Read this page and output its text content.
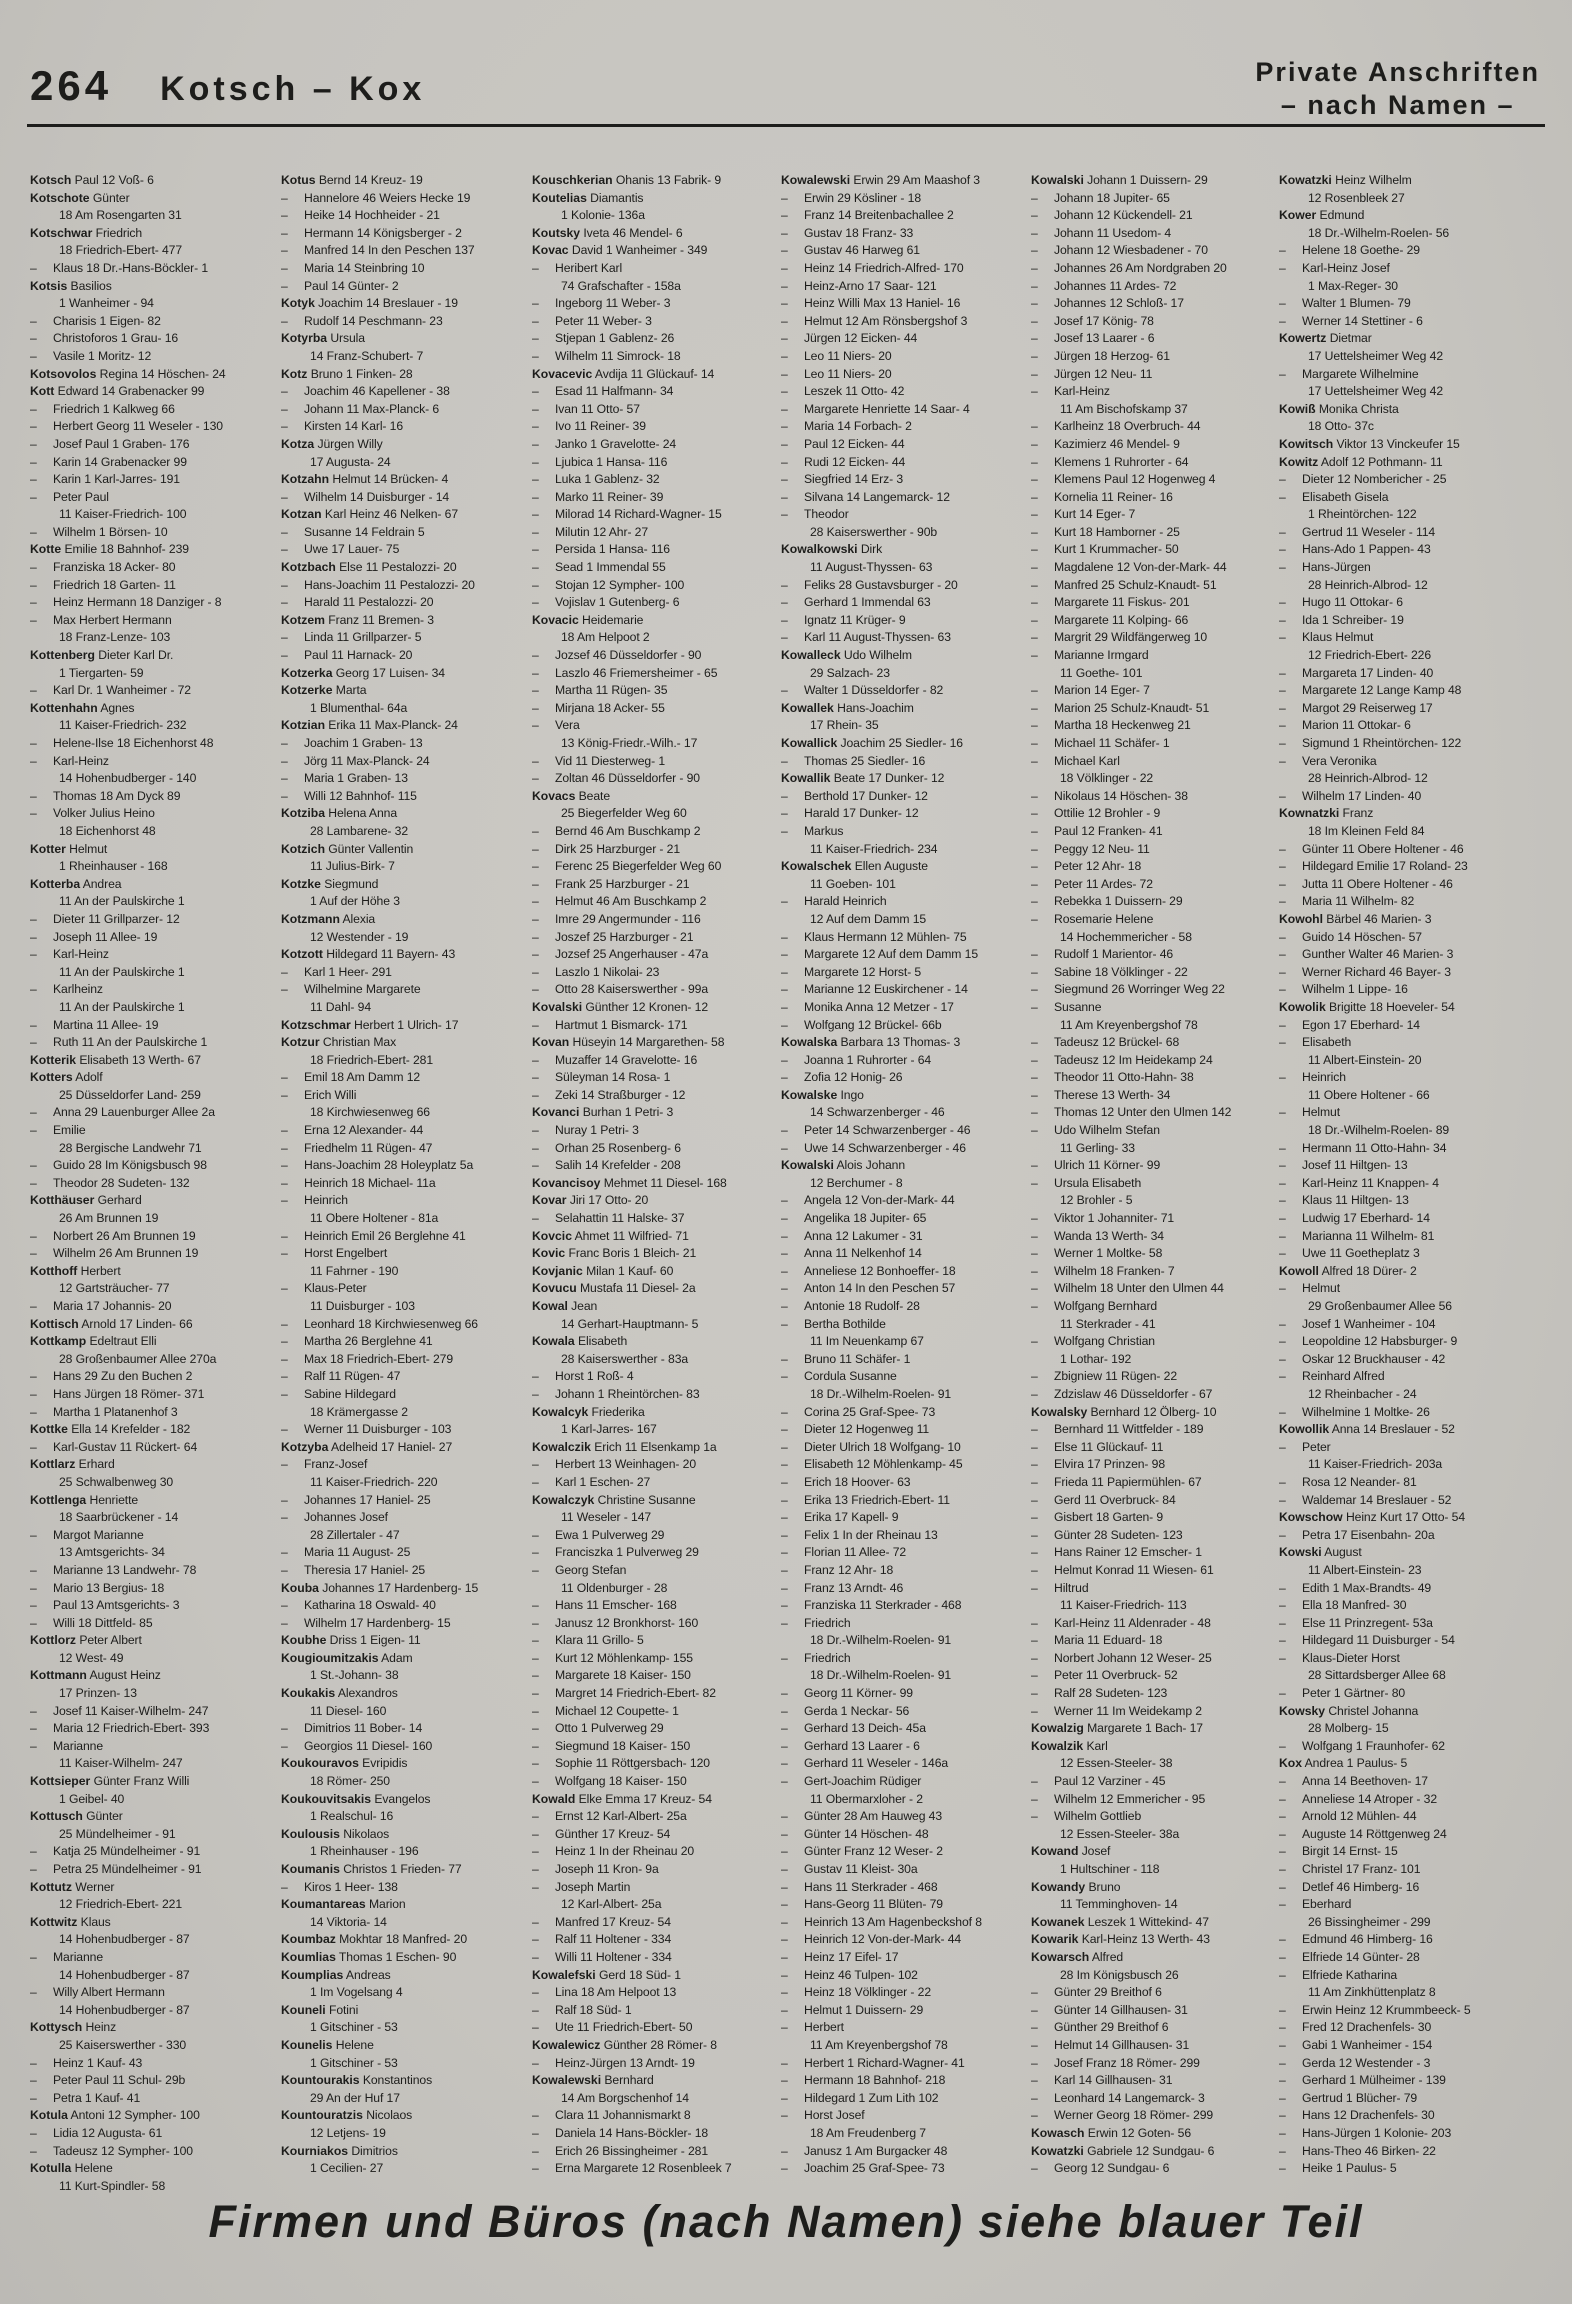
264 Kotsch – Kox	Private Anschriften
– nach Namen –
Kotsch Paul 12 Voß- 6
Kotschote Günter
18 Am Rosengarten 31
Kotschwar Friedrich
18 Friedrich-Ebert- 477
–	Klaus 18 Dr.-Hans-Böckler- 1
Kotsis Basilios
1 Wanheimer - 94
–	Charisis 1 Eigen- 82
–	Christoforos 1 Grau- 16
–	Vasile 1 Moritz- 12
Kotsovolos Regina 14 Höschen- 24
Kott Edward 14 Grabenacker 99
–	Friedrich 1 Kalkweg 66
–	Herbert Georg 11 Weseler - 130
–	Josef Paul 1 Graben- 176
–	Karin 14 Grabenacker 99
–	Karin 1 Karl-Jarres- 191
–	Peter Paul
11 Kaiser-Friedrich- 100
–	Wilhelm 1 Börsen- 10
Kotte Emilie 18 Bahnhof- 239
–	Franziska 18 Acker- 80
–	Friedrich 18 Garten- 11
–	Heinz Hermann 18 Danziger - 8
–	Max Herbert Hermann
18 Franz-Lenze- 103
Kottenberg Dieter Karl Dr.
1 Tiergarten- 59
–	Karl Dr. 1 Wanheimer - 72
Kottenhahn Agnes
11 Kaiser-Friedrich- 232
–	Helene-Ilse 18 Eichenhorst 48
–	Karl-Heinz
14 Hohenbudberger - 140
–	Thomas 18 Am Dyck 89
–	Volker Julius Heino
18 Eichenhorst 48
Kotter Helmut
1 Rheinhauser - 168
Kotterba Andrea
11 An der Paulskirche 1
–	Dieter 11 Grillparzer- 12
–	Joseph 11 Allee- 19
–	Karl-Heinz
11 An der Paulskirche 1
–	Karlheinz
11 An der Paulskirche 1
–	Martina 11 Allee- 19
–	Ruth 11 An der Paulskirche 1
Kotterik Elisabeth 13 Werth- 67
Kotters Adolf
25 Düsseldorfer Land- 259
–	Anna 29 Lauenburger Allee 2a
–	Emilie
28 Bergische Landwehr 71
–	Guido 28 Im Königsbusch 98
–	Theodor 28 Sudeten- 132
Kotthäuser Gerhard
26 Am Brunnen 19
–	Norbert 26 Am Brunnen 19
–	Wilhelm 26 Am Brunnen 19
Kotthoff Herbert
12 Gartsträucher- 77
–	Maria 17 Johannis- 20
Kottisch Arnold 17 Linden- 66
Kottkamp Edeltraut Elli
28 Großenbaumer Allee 270a
–	Hans 29 Zu den Buchen 2
–	Hans Jürgen 18 Römer- 371
–	Martha 1 Platanenhof 3
Kottke Ella 14 Krefelder - 182
–	Karl-Gustav 11 Rückert- 64
Kottlarz Erhard
25 Schwalbenweg 30
Kottlenga Henriette
18 Saarbrückener - 14
–	Margot Marianne
13 Amtsgerichts- 34
–	Marianne 13 Landwehr- 78
–	Mario 13 Bergius- 18
–	Paul 13 Amtsgerichts- 3
–	Willi 18 Dittfeld- 85
Kottlorz Peter Albert
12 West- 49
Kottmann August Heinz
17 Prinzen- 13
–	Josef 11 Kaiser-Wilhelm- 247
–	Maria 12 Friedrich-Ebert- 393
–	Marianne
11 Kaiser-Wilhelm- 247
Kottsieper Günter Franz Willi
1 Geibel- 40
Kottusch Günter
25 Mündelheimer - 91
–	Katja 25 Mündelheimer - 91
–	Petra 25 Mündelheimer - 91
Kottutz Werner
12 Friedrich-Ebert- 221
Kottwitz Klaus
14 Hohenbudberger - 87
–	Marianne
14 Hohenbudberger - 87
–	Willy Albert Hermann
14 Hohenbudberger - 87
Kottysch Heinz
25 Kaiserswerther - 330
–	Heinz 1 Kauf- 43
–	Peter Paul 11 Schul- 29b
–	Petra 1 Kauf- 41
Kotula Antoni 12 Sympher- 100
–	Lidia 12 Augusta- 61
–	Tadeusz 12 Sympher- 100
Kotulla Helene
11 Kurt-Spindler- 58
Kotus Bernd 14 Kreuz- 19
–	Hannelore 46 Weiers Hecke 19
–	Heike 14 Hochheider - 21
–	Hermann 14 Königsberger - 2
–	Manfred 14 In den Peschen 137
–	Maria 14 Steinbring 10
–	Paul 14 Günter- 2
Kotyk Joachim 14 Breslauer - 19
–	Rudolf 14 Peschmann- 23
Kotyrba Ursula
14 Franz-Schubert- 7
Kotz Bruno 1 Finken- 28
–	Joachim 46 Kapellener - 38
–	Johann 11 Max-Planck- 6
–	Kirsten 14 Karl- 16
Kotza Jürgen Willy
17 Augusta- 24
Kotzahn Helmut 14 Brücken- 4
–	Wilhelm 14 Duisburger - 14
Kotzan Karl Heinz 46 Nelken- 67
–	Susanne 14 Feldrain 5
–	Uwe 17 Lauer- 75
Kotzbach Else 11 Pestalozzi- 20
–	Hans-Joachim 11 Pestalozzi- 20
–	Harald 11 Pestalozzi- 20
Kotzem Franz 11 Bremen- 3
–	Linda 11 Grillparzer- 5
–	Paul 11 Harnack- 20
Kotzerka Georg 17 Luisen- 34
Kotzerke Marta
1 Blumenthal- 64a
Kotzian Erika 11 Max-Planck- 24
–	Joachim 1 Graben- 13
–	Jörg 11 Max-Planck- 24
–	Maria 1 Graben- 13
–	Willi 12 Bahnhof- 115
Kotziba Helena Anna
28 Lambarene- 32
Kotzich Günter Vallentin
11 Julius-Birk- 7
Kotzke Siegmund
1 Auf der Höhe 3
Kotzmann Alexia
12 Westender - 19
Kotzott Hildegard 11 Bayern- 43
–	Karl 1 Heer- 291
–	Wilhelmine Margarete
11 Dahl- 94
Kotzschmar Herbert 1 Ulrich- 17
Kotzur Christian Max
18 Friedrich-Ebert- 281
–	Emil 18 Am Damm 12
–	Erich Willi
18 Kirchwiesenweg 66
–	Erna 12 Alexander- 44
–	Friedhelm 11 Rügen- 47
–	Hans-Joachim 28 Holeyplatz 5a
–	Heinrich 18 Michael- 11a
–	Heinrich
11 Obere Holtener - 81a
–	Heinrich Emil 26 Berglehne 41
–	Horst Engelbert
11 Fahrner - 190
–	Klaus-Peter
11 Duisburger - 103
–	Leonhard 18 Kirchwiesenweg 66
–	Martha 26 Berglehne 41
–	Max 18 Friedrich-Ebert- 279
–	Ralf 11 Rügen- 47
–	Sabine Hildegard
18 Krämergasse 2
–	Werner 11 Duisburger - 103
Kotzyba Adelheid 17 Haniel- 27
–	Franz-Josef
11 Kaiser-Friedrich- 220
–	Johannes 17 Haniel- 25
–	Johannes Josef
28 Zillertaler - 47
–	Maria 11 August- 25
–	Theresia 17 Haniel- 25
Kouba Johannes 17 Hardenberg- 15
–	Katharina 18 Oswald- 40
–	Wilhelm 17 Hardenberg- 15
Koubhe Driss 1 Eigen- 11
Kougioumitzakis Adam
1 St.-Johann- 38
Koukakis Alexandros
11 Diesel- 160
–	Dimitrios 11 Bober- 14
–	Georgios 11 Diesel- 160
Koukouravos Evripidis
18 Römer- 250
Koukouvitsakis Evangelos
1 Realschul- 16
Koulousis Nikolaos
1 Rheinhauser - 196
Koumanis Christos 1 Frieden- 77
–	Kiros 1 Heer- 138
Koumantareas Marion
14 Viktoria- 14
Koumbaz Mokhtar 18 Manfred- 20
Koumlias Thomas 1 Eschen- 90
Koumplias Andreas
1 Im Vogelsang 4
Kouneli Fotini
1 Gitschiner - 53
Kounelis Helene
1 Gitschiner - 53
Kountourakis Konstantinos
29 An der Huf 17
Kountouratzis Nicolaos
12 Letjens- 19
Kourniakos Dimitrios
1 Cecilien- 27
Kouschkerian Ohanis 13 Fabrik- 9
Koutelias Diamantis
1 Kolonie- 136a
Koutsky Iveta 46 Mendel- 6
Kovac David 1 Wanheimer - 349
–	Heribert Karl
74 Grafschafter - 158a
–	Ingeborg 11 Weber- 3
–	Peter 11 Weber- 3
–	Stjepan 1 Gablenz- 26
–	Wilhelm 11 Simrock- 18
Kovacevic Avdija 11 Glückauf- 14
–	Esad 11 Halfmann- 34
–	Ivan 11 Otto- 57
–	Ivo 11 Reiner- 39
–	Janko 1 Gravelotte- 24
–	Ljubica 1 Hansa- 116
–	Luka 1 Gablenz- 32
–	Marko 11 Reiner- 39
–	Milorad 14 Richard-Wagner- 15
–	Milutin 12 Ahr- 27
–	Persida 1 Hansa- 116
–	Sead 1 Immendal 55
–	Stojan 12 Sympher- 100
–	Vojislav 1 Gutenberg- 6
Kovacic Heidemarie
18 Am Helpoot 2
–	Jozsef 46 Düsseldorfer - 90
–	Laszlo 46 Friemersheimer - 65
–	Martha 11 Rügen- 35
–	Mirjana 18 Acker- 55
–	Vera
13 König-Friedr.-Wilh.- 17
–	Vid 11 Diesterweg- 1
–	Zoltan 46 Düsseldorfer - 90
Kovacs Beate
25 Biegerfelder Weg 60
–	Bernd 46 Am Buschkamp 2
–	Dirk 25 Harzburger - 21
–	Ferenc 25 Biegerfelder Weg 60
–	Frank 25 Harzburger - 21
–	Helmut 46 Am Buschkamp 2
–	Imre 29 Angermunder - 116
–	Joszef 25 Harzburger - 21
–	Jozsef 25 Angerhauser - 47a
–	Laszlo 1 Nikolai- 23
–	Otto 28 Kaiserswerther - 99a
Kovalski Günther 12 Kronen- 12
–	Hartmut 1 Bismarck- 171
Kovan Hüseyin 14 Margarethen- 58
–	Muzaffer 14 Gravelotte- 16
–	Süleyman 14 Rosa- 1
–	Zeki 14 Straßburger - 12
Kovanci Burhan 1 Petri- 3
–	Nuray 1 Petri- 3
–	Orhan 25 Rosenberg- 6
–	Salih 14 Krefelder - 208
Kovancisoy Mehmet 11 Diesel- 168
Kovar Jiri 17 Otto- 20
–	Selahattin 11 Halske- 37
Kovcic Ahmet 11 Wilfried- 71
Kovic Franc Boris 1 Bleich- 21
Kovjanic Milan 1 Kauf- 60
Kovucu Mustafa 11 Diesel- 2a
Kowal Jean
14 Gerhart-Hauptmann- 5
Kowala Elisabeth
28 Kaiserswerther - 83a
–	Horst 1 Roß- 4
–	Johann 1 Rheintörchen- 83
Kowalcyk Friederika
1 Karl-Jarres- 167
Kowalczik Erich 11 Elsenkamp 1a
–	Herbert 13 Weinhagen- 20
–	Karl 1 Eschen- 27
Kowalczyk Christine Susanne
11 Weseler - 147
–	Ewa 1 Pulverweg 29
–	Franciszka 1 Pulverweg 29
–	Georg Stefan
11 Oldenburger - 28
–	Hans 11 Emscher- 168
–	Janusz 12 Bronkhorst- 160
–	Klara 11 Grillo- 5
–	Kurt 12 Möhlenkamp- 155
–	Margarete 18 Kaiser- 150
–	Margret 14 Friedrich-Ebert- 82
–	Michael 12 Coupette- 1
–	Otto 1 Pulverweg 29
–	Siegmund 18 Kaiser- 150
–	Sophie 11 Röttgersbach- 120
–	Wolfgang 18 Kaiser- 150
Kowald Elke Emma 17 Kreuz- 54
–	Ernst 12 Karl-Albert- 25a
–	Günther 17 Kreuz- 54
–	Heinz 1 In der Rheinau 20
–	Joseph 11 Kron- 9a
–	Joseph Martin
12 Karl-Albert- 25a
–	Manfred 17 Kreuz- 54
–	Ralf 11 Holtener - 334
–	Willi 11 Holtener - 334
Kowalefski Gerd 18 Süd- 1
–	Lina 18 Am Helpoot 13
–	Ralf 18 Süd- 1
–	Ute 11 Friedrich-Ebert- 50
Kowalewicz Günther 28 Römer- 8
–	Heinz-Jürgen 13 Arndt- 19
Kowalewski Bernhard
14 Am Borgschenhof 14
–	Clara 11 Johannismarkt 8
–	Daniela 14 Hans-Böckler- 18
–	Erich 26 Bissingheimer - 281
–	Erna Margarete 12 Rosenbleek 7
Kowalewski Erwin 29 Am Maashof 3
–	Erwin 29 Kösliner - 18
–	Franz 14 Breitenbachallee 2
–	Gustav 18 Franz- 33
–	Gustav 46 Harweg 61
–	Heinz 14 Friedrich-Alfred- 170
–	Heinz-Arno 17 Saar- 121
–	Heinz Willi Max 13 Haniel- 16
–	Helmut 12 Am Rönsbergshof 3
–	Jürgen 12 Eicken- 44
–	Leo 11 Niers- 20
–	Leo 11 Niers- 20
–	Leszek 11 Otto- 42
–	Margarete Henriette 14 Saar- 4
–	Maria 14 Forbach- 2
–	Paul 12 Eicken- 44
–	Rudi 12 Eicken- 44
–	Siegfried 14 Erz- 3
–	Silvana 14 Langemarck- 12
–	Theodor
28 Kaiserswerther - 90b
Kowalkowski Dirk
11 August-Thyssen- 63
–	Feliks 28 Gustavsburger - 20
–	Gerhard 1 Immendal 63
–	Ignatz 11 Krüger- 9
–	Karl 11 August-Thyssen- 63
Kowalleck Udo Wilhelm
29 Salzach- 23
–	Walter 1 Düsseldorfer - 82
Kowallek Hans-Joachim
17 Rhein- 35
Kowallick Joachim 25 Siedler- 16
–	Thomas 25 Siedler- 16
Kowallik Beate 17 Dunker- 12
–	Berthold 17 Dunker- 12
–	Harald 17 Dunker- 12
–	Markus
11 Kaiser-Friedrich- 234
Kowalschek Ellen Auguste
11 Goeben- 101
–	Harald Heinrich
12 Auf dem Damm 15
–	Klaus Hermann 12 Mühlen- 75
–	Margarete 12 Auf dem Damm 15
–	Margarete 12 Horst- 5
–	Marianne 12 Euskirchener - 14
–	Monika Anna 12 Metzer - 17
–	Wolfgang 12 Brückel- 66b
Kowalska Barbara 13 Thomas- 3
–	Joanna 1 Ruhrorter - 64
–	Zofia 12 Honig- 26
Kowalske Ingo
14 Schwarzenberger - 46
–	Peter 14 Schwarzenberger - 46
–	Uwe 14 Schwarzenberger - 46
Kowalski Alois Johann
12 Berchumer - 8
–	Angela 12 Von-der-Mark- 44
–	Angelika 18 Jupiter- 65
–	Anna 12 Lakumer - 31
–	Anna 11 Nelkenhof 14
–	Anneliese 12 Bonhoeffer- 18
–	Anton 14 In den Peschen 57
–	Antonie 18 Rudolf- 28
–	Bertha Bothilde
11 Im Neuenkamp 67
–	Bruno 11 Schäfer- 1
–	Cordula Susanne
18 Dr.-Wilhelm-Roelen- 91
–	Corina 25 Graf-Spee- 73
–	Dieter 12 Hogenweg 11
–	Dieter Ulrich 18 Wolfgang- 10
–	Elisabeth 12 Möhlenkamp- 45
–	Erich 18 Hoover- 63
–	Erika 13 Friedrich-Ebert- 11
–	Erika 17 Kapell- 9
–	Felix 1 In der Rheinau 13
–	Florian 11 Allee- 72
–	Franz 12 Ahr- 18
–	Franz 13 Arndt- 46
–	Franziska 11 Sterkrader - 468
–	Friedrich
18 Dr.-Wilhelm-Roelen- 91
–	Friedrich
18 Dr.-Wilhelm-Roelen- 91
–	Georg 11 Körner- 99
–	Gerda 1 Neckar- 56
–	Gerhard 13 Deich- 45a
–	Gerhard 13 Laarer - 6
–	Gerhard 11 Weseler - 146a
–	Gert-Joachim Rüdiger
11 Obermarxloher - 2
–	Günter 28 Am Hauweg 43
–	Günter 14 Höschen- 48
–	Günter Franz 12 Weser- 2
–	Gustav 11 Kleist- 30a
–	Hans 11 Sterkrader - 468
–	Hans-Georg 11 Blüten- 79
–	Heinrich 13 Am Hagenbeckshof 8
–	Heinrich 12 Von-der-Mark- 44
–	Heinz 17 Eifel- 17
–	Heinz 46 Tulpen- 102
–	Heinz 18 Völklinger - 22
–	Helmut 1 Duissern- 29
–	Herbert
11 Am Kreyenbergshof 78
–	Herbert 1 Richard-Wagner- 41
–	Hermann 18 Bahnhof- 218
–	Hildegard 1 Zum Lith 102
–	Horst Josef
18 Am Freudenberg 7
–	Janusz 1 Am Burgacker 48
–	Joachim 25 Graf-Spee- 73
Kowalski Johann 1 Duissern- 29
–	Johann 18 Jupiter- 65
–	Johann 12 Kückendell- 21
–	Johann 11 Usedom- 4
–	Johann 12 Wiesbadener - 70
–	Johannes 26 Am Nordgraben 20
–	Johannes 11 Ardes- 72
–	Johannes 12 Schloß- 17
–	Josef 17 König- 78
–	Josef 13 Laarer - 6
–	Jürgen 18 Herzog- 61
–	Jürgen 12 Neu- 11
–	Karl-Heinz
11 Am Bischofskamp 37
–	Karlheinz 18 Overbruch- 44
–	Kazimierz 46 Mendel- 9
–	Klemens 1 Ruhrorter - 64
–	Klemens Paul 12 Hogenweg 4
–	Kornelia 11 Reiner- 16
–	Kurt 14 Eger- 7
–	Kurt 18 Hamborner - 25
–	Kurt 1 Krummacher- 50
–	Magdalene 12 Von-der-Mark- 44
–	Manfred 25 Schulz-Knaudt- 51
–	Margarete 11 Fiskus- 201
–	Margarete 11 Kolping- 66
–	Margrit 29 Wildfängerweg 10
–	Marianne Irmgard
11 Goethe- 101
–	Marion 14 Eger- 7
–	Marion 25 Schulz-Knaudt- 51
–	Martha 18 Heckenweg 21
–	Michael 11 Schäfer- 1
–	Michael Karl
18 Völklinger - 22
–	Nikolaus 14 Höschen- 38
–	Ottilie 12 Brohler - 9
–	Paul 12 Franken- 41
–	Peggy 12 Neu- 11
–	Peter 12 Ahr- 18
–	Peter 11 Ardes- 72
–	Rebekka 1 Duissern- 29
–	Rosemarie Helene
14 Hochemmericher - 58
–	Rudolf 1 Marientor- 46
–	Sabine 18 Völklinger - 22
–	Siegmund 26 Worringer Weg 22
–	Susanne
11 Am Kreyenbergshof 78
–	Tadeusz 12 Brückel- 68
–	Tadeusz 12 Im Heidekamp 24
–	Theodor 11 Otto-Hahn- 38
–	Therese 13 Werth- 34
–	Thomas 12 Unter den Ulmen 142
–	Udo Wilhelm Stefan
11 Gerling- 33
–	Ulrich 11 Körner- 99
–	Ursula Elisabeth
12 Brohler - 5
–	Viktor 1 Johanniter- 71
–	Wanda 13 Werth- 34
–	Werner 1 Moltke- 58
–	Wilhelm 18 Franken- 7
–	Wilhelm 18 Unter den Ulmen 44
–	Wolfgang Bernhard
11 Sterkrader - 41
–	Wolfgang Christian
1 Lothar- 192
–	Zbigniew 11 Rügen- 22
–	Zdzislaw 46 Düsseldorfer - 67
Kowalsky Bernhard 12 Ölberg- 10
–	Bernhard 11 Wittfelder - 189
–	Else 11 Glückauf- 11
–	Elvira 17 Prinzen- 98
–	Frieda 11 Papiermühlen- 67
–	Gerd 11 Overbruck- 84
–	Gisbert 18 Garten- 9
–	Günter 28 Sudeten- 123
–	Hans Rainer 12 Emscher- 1
–	Helmut Konrad 11 Wiesen- 61
–	Hiltrud
11 Kaiser-Friedrich- 113
–	Karl-Heinz 11 Aldenrader - 48
–	Maria 11 Eduard- 18
–	Norbert Johann 12 Weser- 25
–	Peter 11 Overbruck- 52
–	Ralf 28 Sudeten- 123
–	Werner 11 Im Weidekamp 2
Kowalzig Margarete 1 Bach- 17
Kowalzik Karl
12 Essen-Steeler- 38
–	Paul 12 Varziner - 45
–	Wilhelm 12 Emmericher - 95
–	Wilhelm Gottlieb
12 Essen-Steeler- 38a
Kowand Josef
1 Hultschiner - 118
Kowandy Bruno
11 Temminghoven- 14
Kowanek Leszek 1 Wittekind- 47
Kowarik Karl-Heinz 13 Werth- 43
Kowarsch Alfred
28 Im Königsbusch 26
–	Günter 29 Breithof 6
–	Günter 14 Gillhausen- 31
–	Günther 29 Breithof 6
–	Helmut 14 Gillhausen- 31
–	Josef Franz 18 Römer- 299
–	Karl 14 Gillhausen- 31
–	Leonhard 14 Langemarck- 3
–	Werner Georg 18 Römer- 299
Kowasch Erwin 12 Goten- 56
Kowatzki Gabriele 12 Sundgau- 6
–	Georg 12 Sundgau- 6
Kowatzki Heinz Wilhelm
12 Rosenbleek 27
Kower Edmund
18 Dr.-Wilhelm-Roelen- 56
–	Helene 18 Goethe- 29
–	Karl-Heinz Josef
1 Max-Reger- 30
–	Walter 1 Blumen- 79
–	Werner 14 Stettiner - 6
Kowertz Dietmar
17 Uettelsheimer Weg 42
–	Margarete Wilhelmine
17 Uettelsheimer Weg 42
Kowiß Monika Christa
18 Otto- 37c
Kowitsch Viktor 13 Vinckeufer 15
Kowitz Adolf 12 Pothmann- 11
–	Dieter 12 Nombericher - 25
–	Elisabeth Gisela
1 Rheintörchen- 122
–	Gertrud 11 Weseler - 114
–	Hans-Ado 1 Pappen- 43
–	Hans-Jürgen
28 Heinrich-Albrod- 12
–	Hugo 11 Ottokar- 6
–	Ida 1 Schreiber- 19
–	Klaus Helmut
12 Friedrich-Ebert- 226
–	Margareta 17 Linden- 40
–	Margarete 12 Lange Kamp 48
–	Margot 29 Reiserweg 17
–	Marion 11 Ottokar- 6
–	Sigmund 1 Rheintörchen- 122
–	Vera Veronika
28 Heinrich-Albrod- 12
–	Wilhelm 17 Linden- 40
Kownatzki Franz
18 Im Kleinen Feld 84
–	Günter 11 Obere Holtener - 46
–	Hildegard Emilie 17 Roland- 23
–	Jutta 11 Obere Holtener - 46
–	Maria 11 Wilhelm- 82
Kowohl Bärbel 46 Marien- 3
–	Guido 14 Höschen- 57
–	Gunther Walter 46 Marien- 3
–	Werner Richard 46 Bayer- 3
–	Wilhelm 1 Lippe- 16
Kowolik Brigitte 18 Hoeveler- 54
–	Egon 17 Eberhard- 14
–	Elisabeth
11 Albert-Einstein- 20
–	Heinrich
11 Obere Holtener - 66
–	Helmut
18 Dr.-Wilhelm-Roelen- 89
–	Hermann 11 Otto-Hahn- 34
–	Josef 11 Hiltgen- 13
–	Karl-Heinz 11 Knappen- 4
–	Klaus 11 Hiltgen- 13
–	Ludwig 17 Eberhard- 14
–	Marianna 11 Wilhelm- 81
–	Uwe 11 Goetheplatz 3
Kowoll Alfred 18 Dürer- 2
–	Helmut
29 Großenbaumer Allee 56
–	Josef 1 Wanheimer - 104
–	Leopoldine 12 Habsburger- 9
–	Oskar 12 Bruckhauser - 42
–	Reinhard Alfred
12 Rheinbacher - 24
–	Wilhelmine 1 Moltke- 26
Kowollik Anna 14 Breslauer - 52
–	Peter
11 Kaiser-Friedrich- 203a
–	Rosa 12 Neander- 81
–	Waldemar 14 Breslauer - 52
Kowschow Heinz Kurt 17 Otto- 54
–	Petra 17 Eisenbahn- 20a
Kowski August
11 Albert-Einstein- 23
–	Edith 1 Max-Brandts- 49
–	Ella 18 Manfred- 30
–	Else 11 Prinzregent- 53a
–	Hildegard 11 Duisburger - 54
–	Klaus-Dieter Horst
28 Sittardsberger Allee 68
–	Peter 1 Gärtner- 80
Kowsky Christel Johanna
28 Molberg- 15
–	Wolfgang 1 Fraunhofer- 62
Kox Andrea 1 Paulus- 5
–	Anna 14 Beethoven- 17
–	Anneliese 14 Atroper - 32
–	Arnold 12 Mühlen- 44
–	Auguste 14 Röttgenweg 24
–	Birgit 14 Ernst- 15
–	Christel 17 Franz- 101
–	Detlef 46 Himberg- 16
–	Eberhard
26 Bissingheimer - 299
–	Edmund 46 Himberg- 16
–	Elfriede 14 Günter- 28
–	Elfriede Katharina
11 Am Zinkhüttenplatz 8
–	Erwin Heinz 12 Krummbeeck- 5
–	Fred 12 Drachenfels- 30
–	Gabi 1 Wanheimer - 154
–	Gerda 12 Westender - 3
–	Gerhard 1 Mülheimer - 139
–	Gertrud 1 Blücher- 79
–	Hans 12 Drachenfels- 30
–	Hans-Jürgen 1 Kolonie- 203
–	Hans-Theo 46 Birken- 22
–	Heike 1 Paulus- 5
Firmen und Büros (nach Namen) siehe blauer Teil
